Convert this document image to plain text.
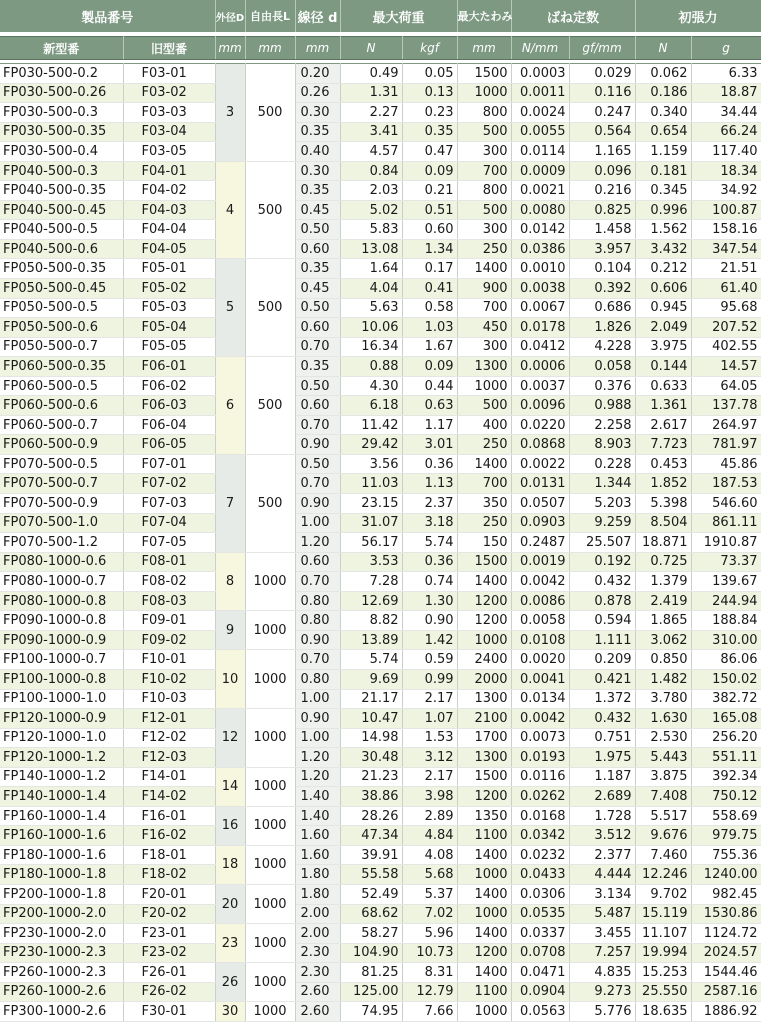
製品番号		外径D	自由長L	線径 d	最大荷重		最大たわみ	ばね定数		初張力	

新型番	旧型番	mm	mm	mm	N	kgf	mm	N/mm	gf/mm	N	g

FP030-500-0.2	F03-01	3	500	0.20	0.49	0.05	1500	0.0003	0.029	0.062	6.33
FP030-500-0.26	F03-02			0.26	1.31	0.13	1000	0.0011	0.116	0.186	18.87
FP030-500-0.3	F03-03			0.30	2.27	0.23	800	0.0024	0.247	0.340	34.44
FP030-500-0.35	F03-04			0.35	3.41	0.35	500	0.0055	0.564	0.654	66.24
FP030-500-0.4	F03-05			0.40	4.57	0.47	300	0.0114	1.165	1.159	117.40
FP040-500-0.3	F04-01	4	500	0.30	0.84	0.09	700	0.0009	0.096	0.181	18.34
FP040-500-0.35	F04-02			0.35	2.03	0.21	800	0.0021	0.216	0.345	34.92
FP040-500-0.45	F04-03			0.45	5.02	0.51	500	0.0080	0.825	0.996	100.87
FP040-500-0.5	F04-04			0.50	5.83	0.60	300	0.0142	1.458	1.562	158.16
FP040-500-0.6	F04-05			0.60	13.08	1.34	250	0.0386	3.957	3.432	347.54
FP050-500-0.35	F05-01	5	500	0.35	1.64	0.17	1400	0.0010	0.104	0.212	21.51
FP050-500-0.45	F05-02			0.45	4.04	0.41	900	0.0038	0.392	0.606	61.40
FP050-500-0.5	F05-03			0.50	5.63	0.58	700	0.0067	0.686	0.945	95.68
FP050-500-0.6	F05-04			0.60	10.06	1.03	450	0.0178	1.826	2.049	207.52
FP050-500-0.7	F05-05			0.70	16.34	1.67	300	0.0412	4.228	3.975	402.55
FP060-500-0.35	F06-01	6	500	0.35	0.88	0.09	1300	0.0006	0.058	0.144	14.57
FP060-500-0.5	F06-02			0.50	4.30	0.44	1000	0.0037	0.376	0.633	64.05
FP060-500-0.6	F06-03			0.60	6.18	0.63	500	0.0096	0.988	1.361	137.78
FP060-500-0.7	F06-04			0.70	11.42	1.17	400	0.0220	2.258	2.617	264.97
FP060-500-0.9	F06-05			0.90	29.42	3.01	250	0.0868	8.903	7.723	781.97
FP070-500-0.5	F07-01	7	500	0.50	3.56	0.36	1400	0.0022	0.228	0.453	45.86
FP070-500-0.7	F07-02			0.70	11.03	1.13	700	0.0131	1.344	1.852	187.53
FP070-500-0.9	F07-03			0.90	23.15	2.37	350	0.0507	5.203	5.398	546.60
FP070-500-1.0	F07-04			1.00	31.07	3.18	250	0.0903	9.259	8.504	861.11
FP070-500-1.2	F07-05			1.20	56.17	5.74	150	0.2487	25.507	18.871	1910.87
FP080-1000-0.6	F08-01	8	1000	0.60	3.53	0.36	1500	0.0019	0.192	0.725	73.37
FP080-1000-0.7	F08-02			0.70	7.28	0.74	1400	0.0042	0.432	1.379	139.67
FP080-1000-0.8	F08-03			0.80	12.69	1.30	1200	0.0086	0.878	2.419	244.94
FP090-1000-0.8	F09-01	9	1000	0.80	8.82	0.90	1200	0.0058	0.594	1.865	188.84
FP090-1000-0.9	F09-02			0.90	13.89	1.42	1000	0.0108	1.111	3.062	310.00
FP100-1000-0.7	F10-01	10	1000	0.70	5.74	0.59	2400	0.0020	0.209	0.850	86.06
FP100-1000-0.8	F10-02			0.80	9.69	0.99	2000	0.0041	0.421	1.482	150.02
FP100-1000-1.0	F10-03			1.00	21.17	2.17	1300	0.0134	1.372	3.780	382.72
FP120-1000-0.9	F12-01	12	1000	0.90	10.47	1.07	2100	0.0042	0.432	1.630	165.08
FP120-1000-1.0	F12-02			1.00	14.98	1.53	1700	0.0073	0.751	2.530	256.20
FP120-1000-1.2	F12-03			1.20	30.48	3.12	1300	0.0193	1.975	5.443	551.11
FP140-1000-1.2	F14-01	14	1000	1.20	21.23	2.17	1500	0.0116	1.187	3.875	392.34
FP140-1000-1.4	F14-02			1.40	38.86	3.98	1200	0.0262	2.689	7.408	750.12
FP160-1000-1.4	F16-01	16	1000	1.40	28.26	2.89	1350	0.0168	1.728	5.517	558.69
FP160-1000-1.6	F16-02			1.60	47.34	4.84	1100	0.0342	3.512	9.676	979.75
FP180-1000-1.6	F18-01	18	1000	1.60	39.91	4.08	1400	0.0232	2.377	7.460	755.36
FP180-1000-1.8	F18-02			1.80	55.58	5.68	1000	0.0433	4.444	12.246	1240.00
FP200-1000-1.8	F20-01	20	1000	1.80	52.49	5.37	1400	0.0306	3.134	9.702	982.45
FP200-1000-2.0	F20-02			2.00	68.62	7.02	1000	0.0535	5.487	15.119	1530.86
FP230-1000-2.0	F23-01	23	1000	2.00	58.27	5.96	1400	0.0337	3.455	11.107	1124.72
FP230-1000-2.3	F23-02			2.30	104.90	10.73	1200	0.0708	7.257	19.994	2024.57
FP260-1000-2.3	F26-01	26	1000	2.30	81.25	8.31	1400	0.0471	4.835	15.253	1544.46
FP260-1000-2.6	F26-02			2.60	125.00	12.79	1100	0.0904	9.273	25.550	2587.16
FP300-1000-2.6	F30-01	30	1000	2.60	74.95	7.66	1000	0.0563	5.776	18.635	1886.92
